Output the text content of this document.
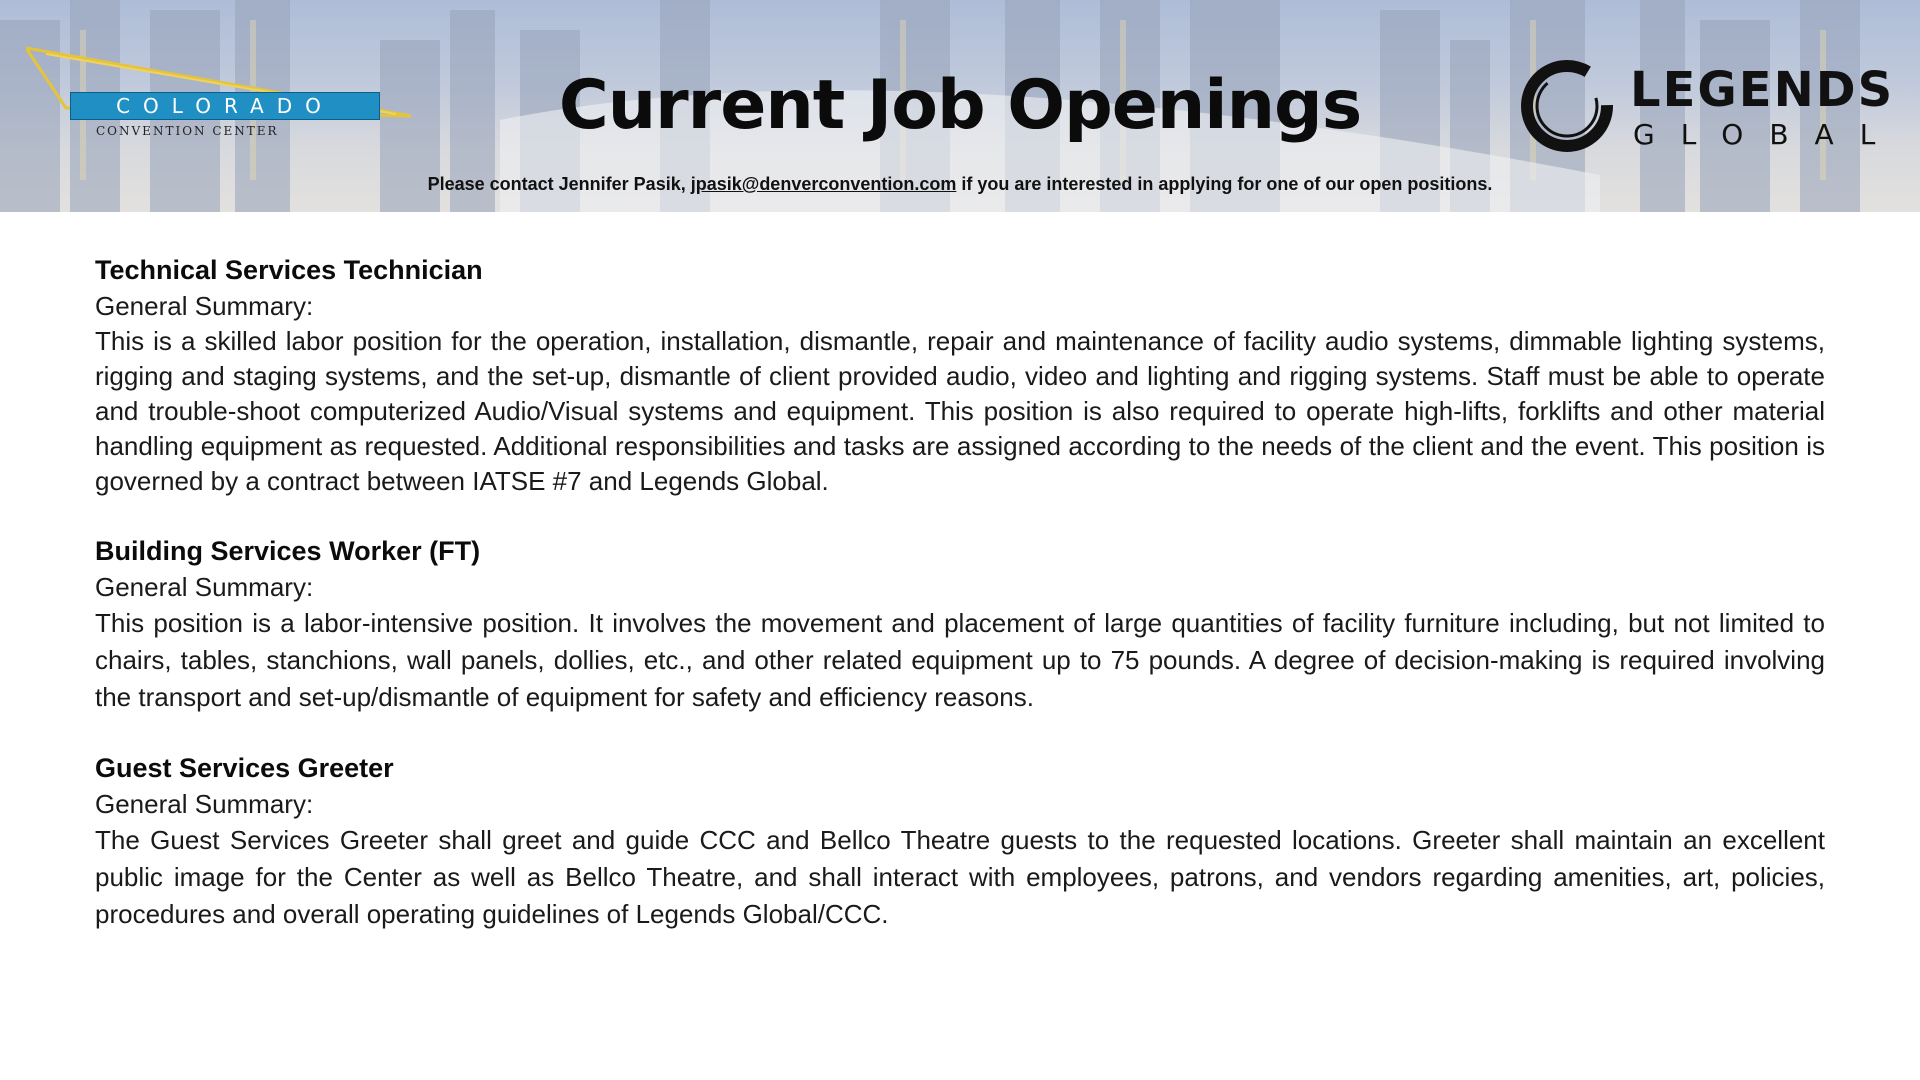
COLORADO
CONVENTION CENTER	Current Job Openings	LEGENDS
GLOBAL
Please contact Jennifer Pasik, jpasik@denverconvention.com if you are interested in applying for one of our open positions.
Technical Services Technician
General Summary:

This is a skilled labor position for the operation, installation, dismantle, repair and maintenance of facility audio systems, dimmable lighting systems, rigging and staging systems, and the set-up, dismantle of client provided audio, video and lighting and rigging systems. Staff must be able to operate and trouble-shoot computerized Audio/Visual systems and equipment. This position is also required to operate high-lifts, forklifts and other material handling equipment as requested. Additional responsibilities and tasks are assigned according to the needs of the client and the event. This position is governed by a contract between IATSE #7 and Legends Global.

Building Services Worker (FT)
General Summary:

This position is a labor-intensive position. It involves the movement and placement of large quantities of facility furniture including, but not limited to chairs, tables, stanchions, wall panels, dollies, etc., and other related equipment up to 75 pounds. A degree of decision-making is required involving the transport and set-up/dismantle of equipment for safety and efficiency reasons.

Guest Services Greeter
General Summary:

The Guest Services Greeter shall greet and guide CCC and Bellco Theatre guests to the requested locations. Greeter shall maintain an excellent public image for the Center as well as Bellco Theatre, and shall interact with employees, patrons, and vendors regarding amenities, art, policies, procedures and overall operating guidelines of Legends Global/CCC.
